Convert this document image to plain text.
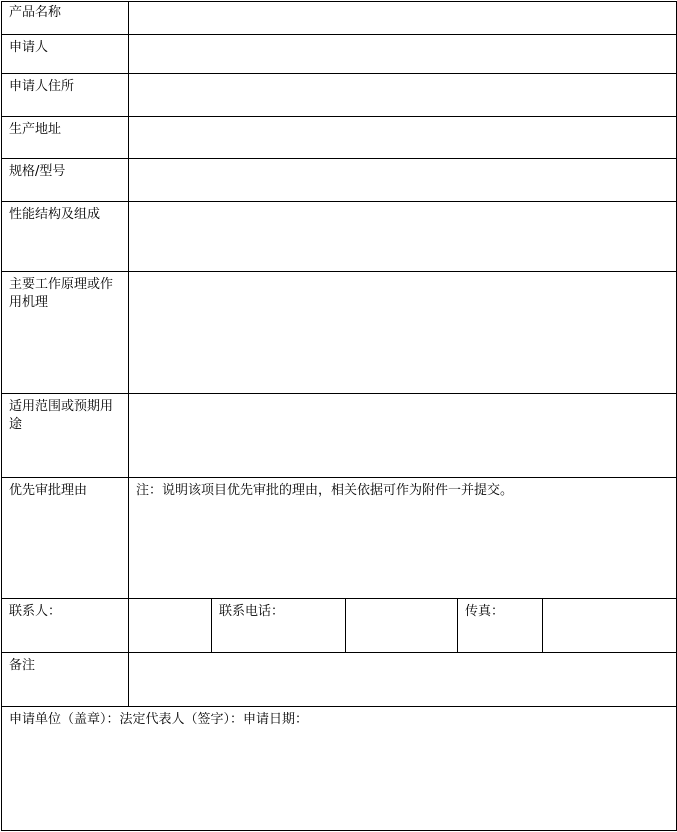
产品名称					
申请人					
申请人住所					
生产地址					
规格/型号					
性能结构及组成					
主要工作原理或作用机理					
适用范围或预期用途					
优先审批理由	注：说明该项目优先审批的理由，相关依据可作为附件一并提交。				
联系人：		联系电话：		传真：	
备注					
申请单位（盖章）：法定代表人（签字）：申请日期：					
